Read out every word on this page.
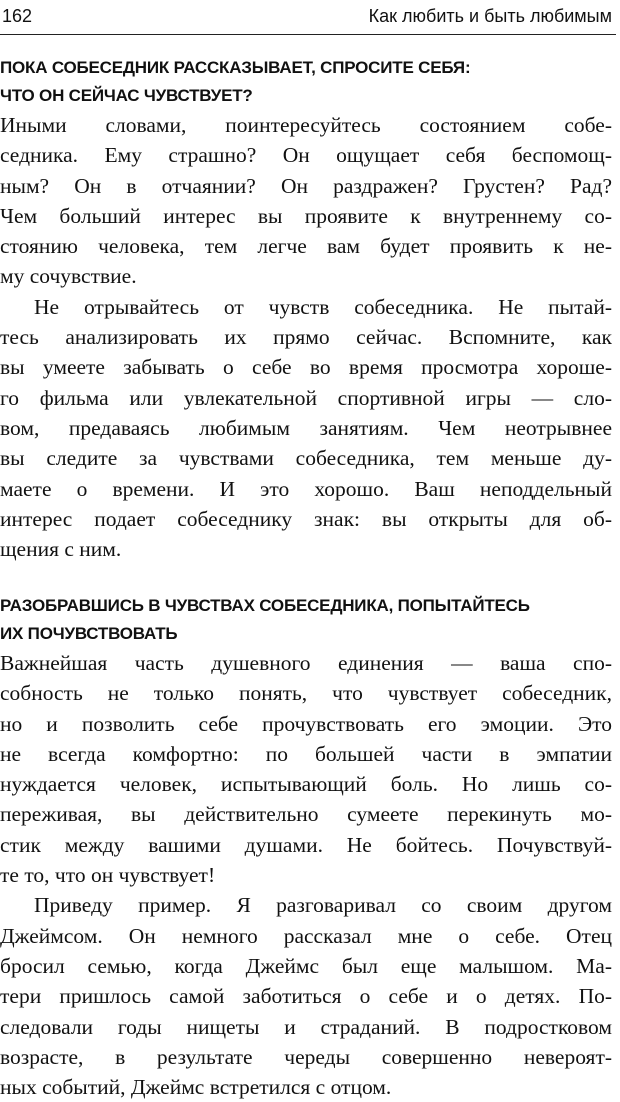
162	Как любить и быть любимым
ПОКА СОБЕСЕДНИК РАССКАЗЫВАЕТ, СПРОСИТЕ СЕБЯ:
ЧТО ОН СЕЙЧАС ЧУВСТВУЕТ?

Иными словами, поинтересуйтесь состоянием собе-
седника. Ему страшно? Он ощущает себя беспомощ-
ным? Он в отчаянии? Он раздражен? Грустен? Рад?
Чем больший интерес вы проявите к внутреннему со-
стоянию человека, тем легче вам будет проявить к не-
му сочувствие.

Не отрывайтесь от чувств собеседника. Не пытай-
тесь анализировать их прямо сейчас. Вспомните, как
вы умеете забывать о себе во время просмотра хороше-
го фильма или увлекательной спортивной игры — сло-
вом, предаваясь любимым занятиям. Чем неотрывнее
вы следите за чувствами собеседника, тем меньше ду-
маете о времени. И это хорошо. Ваш неподдельный
интерес подает собеседнику знак: вы открыты для об-
щения с ним.

РАЗОБРАВШИСЬ В ЧУВСТВАХ СОБЕСЕДНИКА, ПОПЫТАЙТЕСЬ
ИХ ПОЧУВСТВОВАТЬ

Важнейшая часть душевного единения — ваша спо-
собность не только понять, что чувствует собеседник,
но и позволить себе прочувствовать его эмоции. Это
не всегда комфортно: по большей части в эмпатии
нуждается человек, испытывающий боль. Но лишь со-
переживая, вы действительно сумеете перекинуть мо-
стик между вашими душами. Не бойтесь. Почувствуй-
те то, что он чувствует!

Приведу пример. Я разговаривал со своим другом
Джеймсом. Он немного рассказал мне о себе. Отец
бросил семью, когда Джеймс был еще малышом. Ма-
тери пришлось самой заботиться о себе и о детях. По-
следовали годы нищеты и страданий. В подростковом
возрасте, в результате череды совершенно невероят-
ных событий, Джеймс встретился с отцом.
